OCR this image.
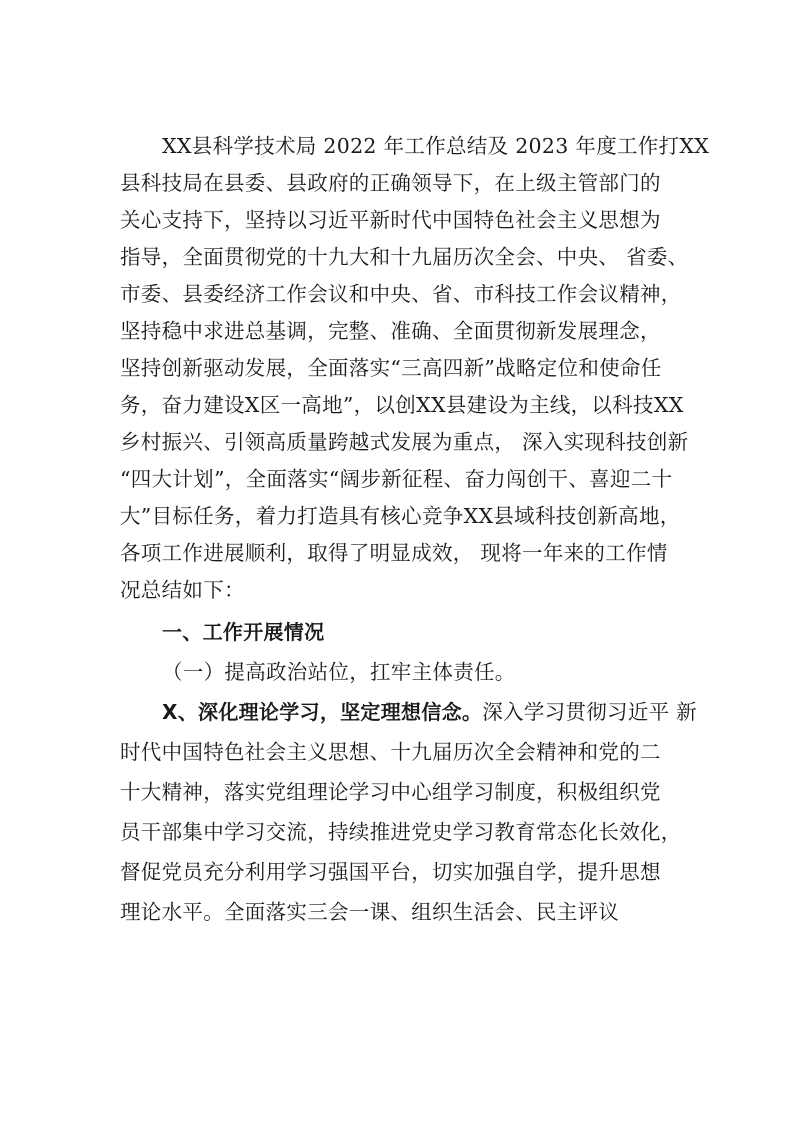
XX县科学技术局 2022 年工作总结及 2023 年度工作打XX
县科技局在县委、县政府的正确领导下，在上级主管部门的
关心支持下，坚持以习近平新时代中国特色社会主义思想为
指导，全面贯彻党的十九大和十九届历次全会、中央、 省委、
市委、县委经济工作会议和中央、省、市科技工作会议精神，
坚持稳中求进总基调，完整、准确、全面贯彻新发展理念，
坚持创新驱动发展，全面落实“三高四新”战略定位和使命任
务，奋力建设X区一高地”，以创XX县建设为主线，以科技XX
乡村振兴、引领高质量跨越式发展为重点， 深入实现科技创新
“四大计划”，全面落实“阔步新征程、奋力闯创干、喜迎二十
大”目标任务，着力打造具有核心竞争XX县域科技创新高地，
各项工作进展顺利，取得了明显成效， 现将一年来的工作情
况总结如下：
一、工作开展情况
（一）提高政治站位，扛牢主体责任。
X、深化理论学习，坚定理想信念。深入学习贯彻习近平 新
时代中国特色社会主义思想、十九届历次全会精神和党的二
十大精神，落实党组理论学习中心组学习制度，积极组织党
员干部集中学习交流，持续推进党史学习教育常态化长效化，
督促党员充分利用学习强国平台，切实加强自学，提升思想
理论水平。全面落实三会一课、组织生活会、民主评议
